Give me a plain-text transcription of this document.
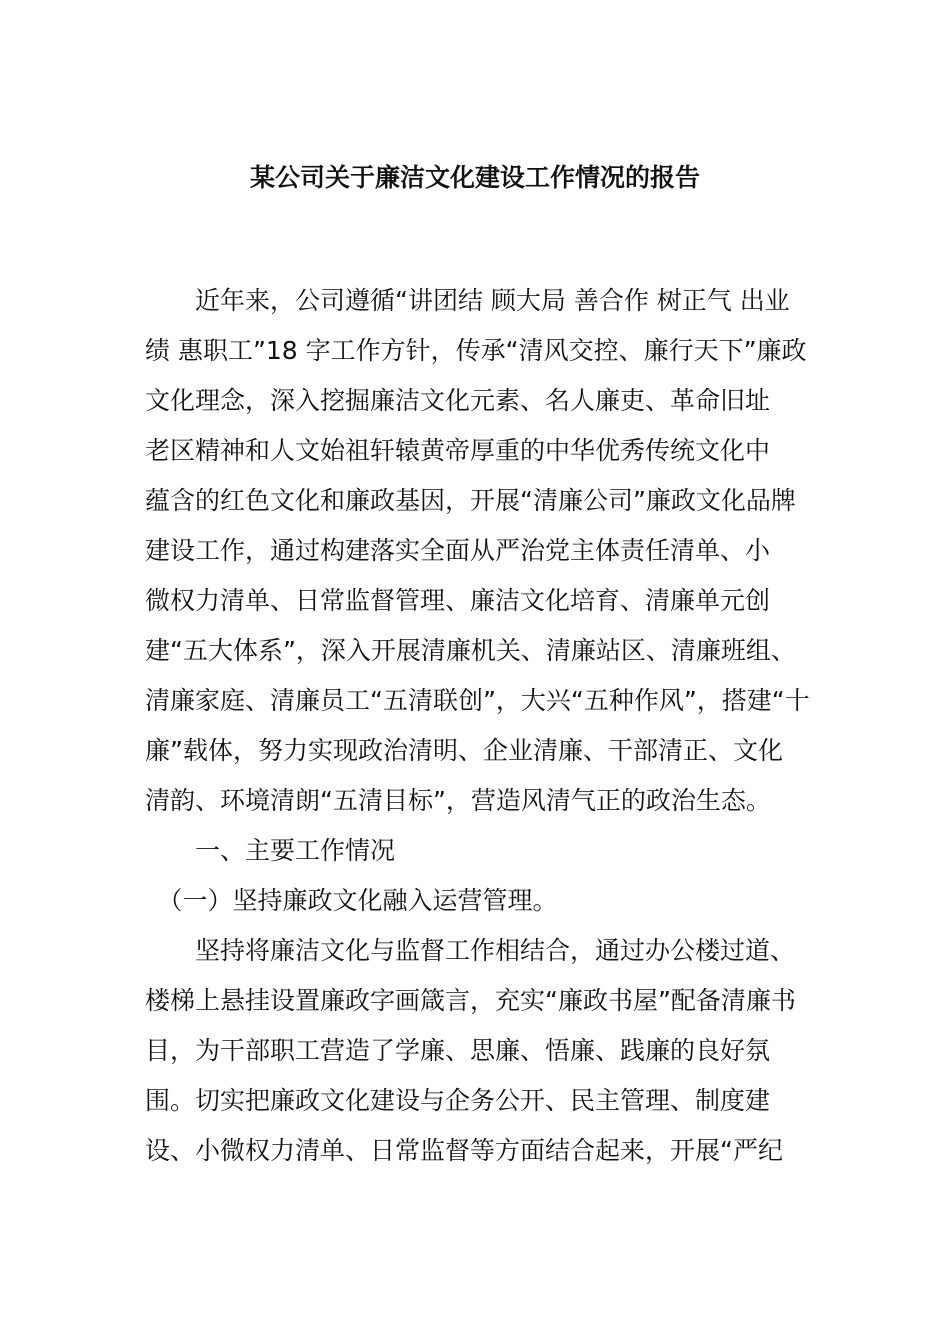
某公司关于廉洁文化建设工作情况的报告
　　近年来，公司遵循“讲团结 顾大局 善合作 树正气 出业
绩 惠职工”18 字工作方针，传承“清风交控、廉行天下”廉政
文化理念，深入挖掘廉洁文化元素、名人廉吏、革命旧址
老区精神和人文始祖轩辕黄帝厚重的中华优秀传统文化中
蕴含的红色文化和廉政基因，开展“清廉公司”廉政文化品牌
建设工作，通过构建落实全面从严治党主体责任清单、小
微权力清单、日常监督管理、廉洁文化培育、清廉单元创
建“五大体系”，深入开展清廉机关、清廉站区、清廉班组、
清廉家庭、清廉员工“五清联创”，大兴“五种作风”，搭建“十
廉”载体，努力实现政治清明、企业清廉、干部清正、文化
清韵、环境清朗“五清目标”，营造风清气正的政治生态。
　　一、主要工作情况
　（一）坚持廉政文化融入运营管理。
　　坚持将廉洁文化与监督工作相结合，通过办公楼过道、
楼梯上悬挂设置廉政字画箴言，充实“廉政书屋”配备清廉书
目，为干部职工营造了学廉、思廉、悟廉、践廉的良好氛
围。切实把廉政文化建设与企务公开、民主管理、制度建
设、小微权力清单、日常监督等方面结合起来，开展“严纪
